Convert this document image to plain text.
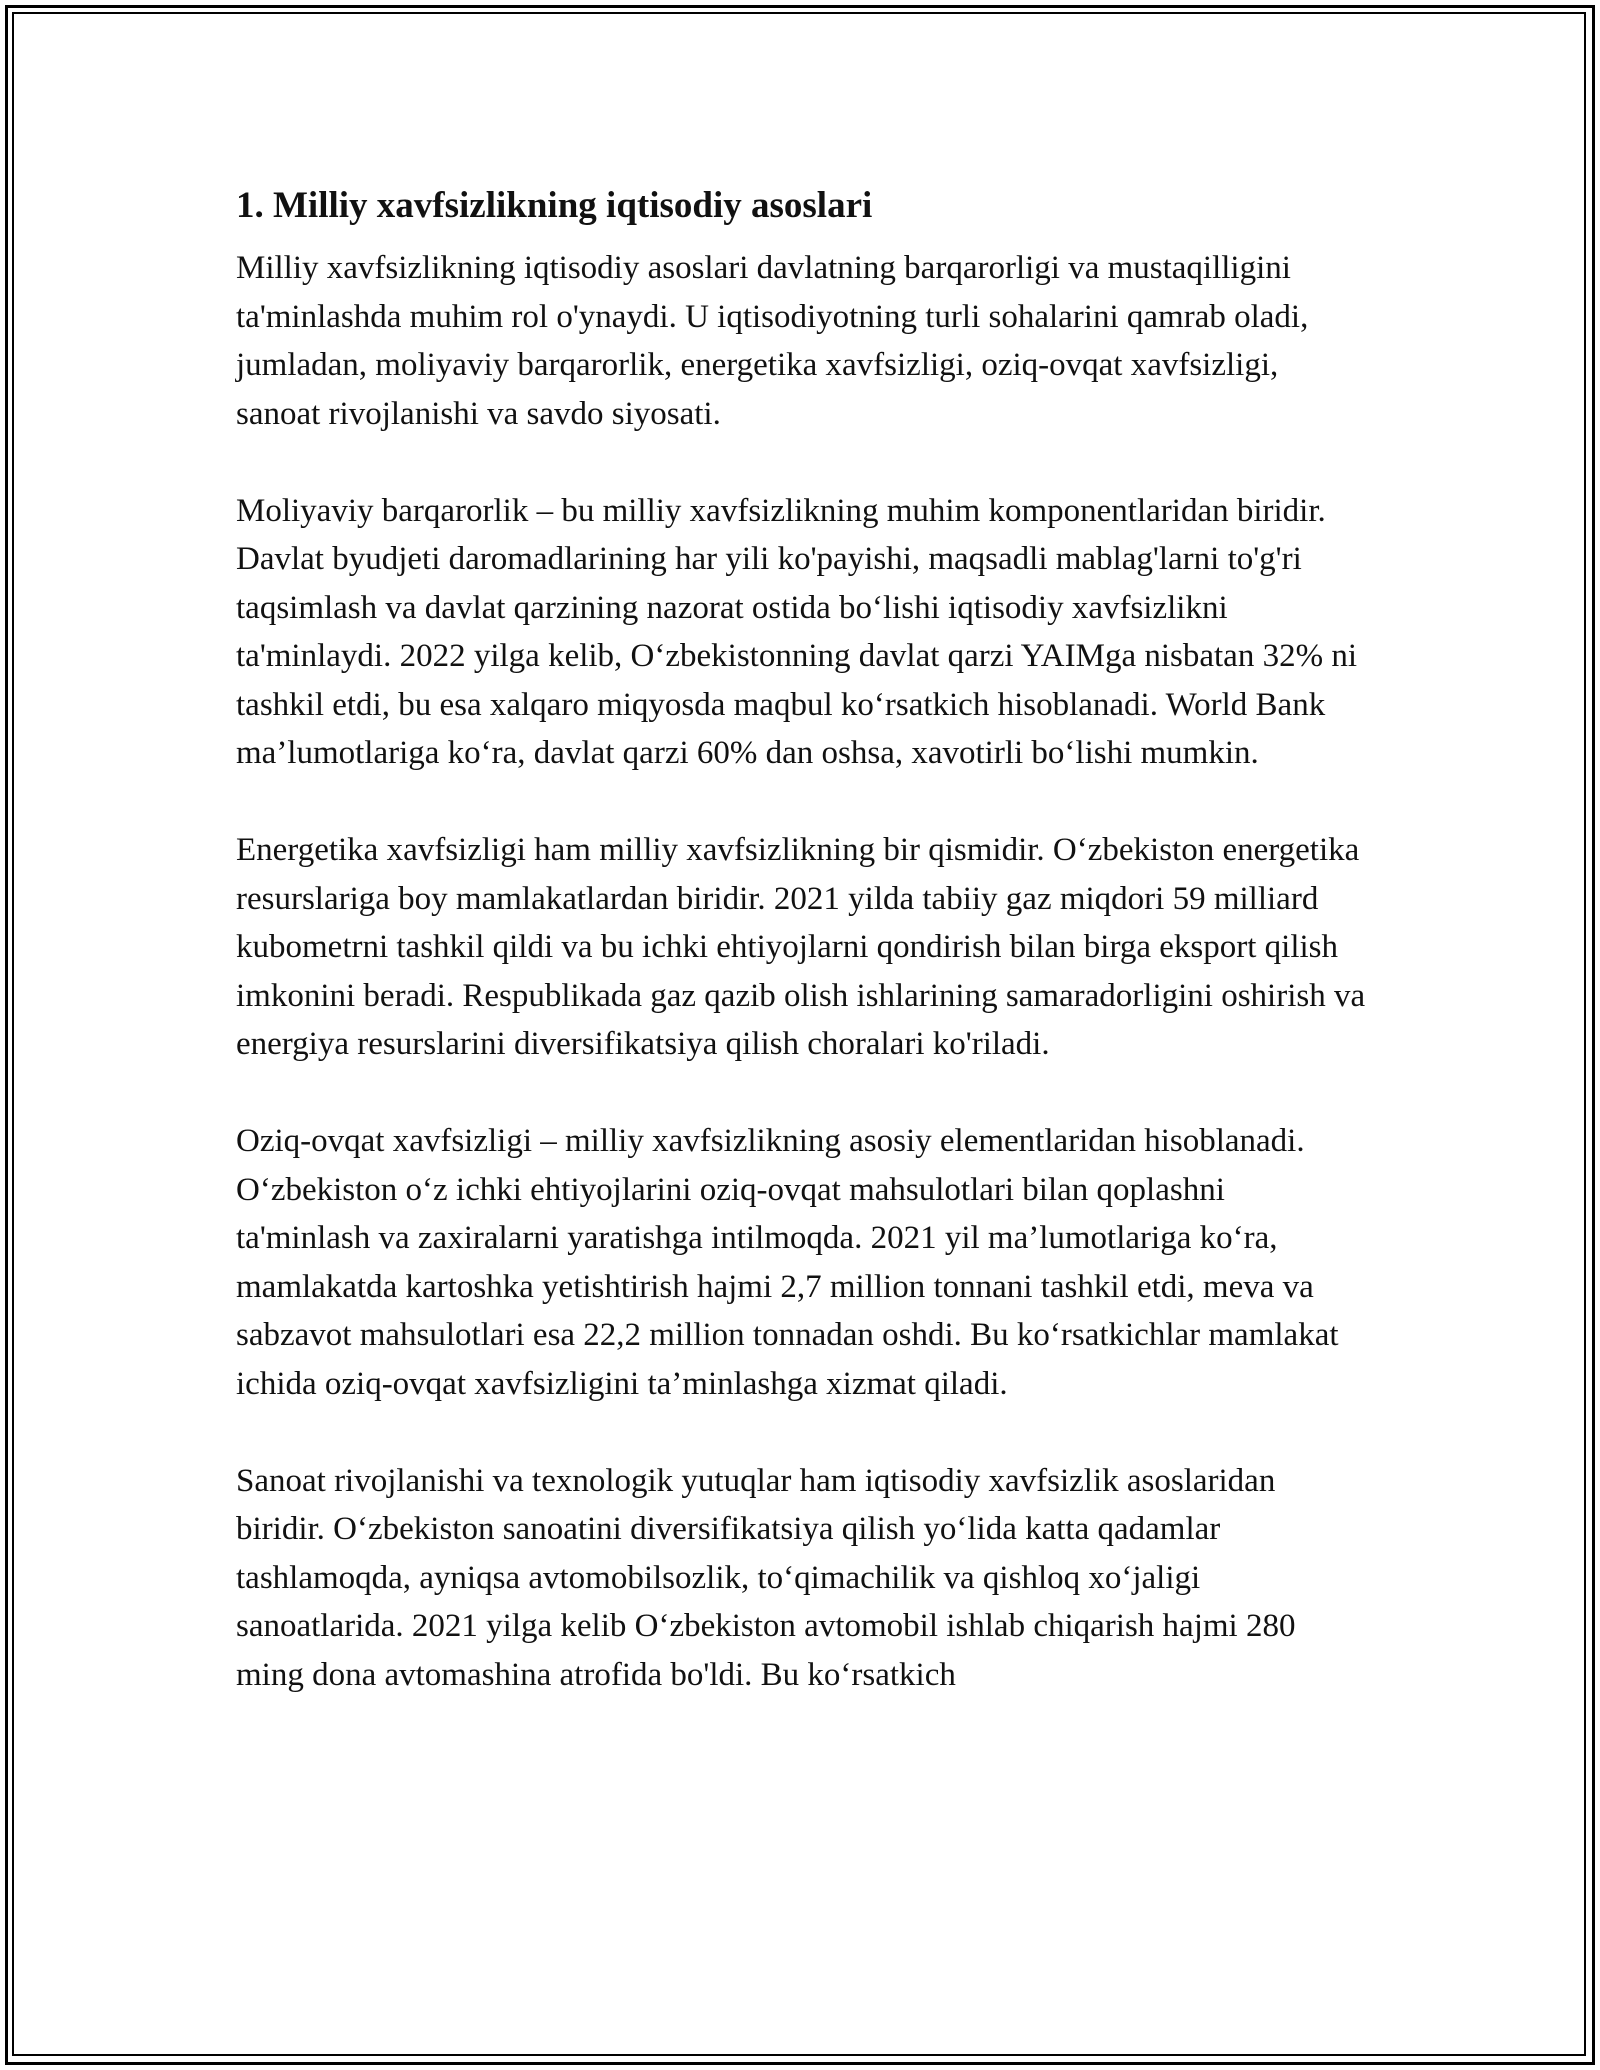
1. Milliy xavfsizlikning iqtisodiy asoslari

Milliy xavfsizlikning iqtisodiy asoslari davlatning barqarorligi va mustaqilligini ta'minlashda muhim rol o'ynaydi. U iqtisodiyotning turli sohalarini qamrab oladi, jumladan, moliyaviy barqarorlik, energetika xavfsizligi, oziq-ovqat xavfsizligi, sanoat rivojlanishi va savdo siyosati.

Moliyaviy barqarorlik – bu milliy xavfsizlikning muhim komponentlaridan biridir. Davlat byudjeti daromadlarining har yili ko'payishi, maqsadli mablag'larni to'g'ri taqsimlash va davlat qarzining nazorat ostida bo‘lishi iqtisodiy xavfsizlikni ta'minlaydi. 2022 yilga kelib, O‘zbekistonning davlat qarzi YAIMga nisbatan 32% ni tashkil etdi, bu esa xalqaro miqyosda maqbul ko‘rsatkich hisoblanadi. World Bank ma’lumotlariga ko‘ra, davlat qarzi 60% dan oshsa, xavotirli bo‘lishi mumkin.

Energetika xavfsizligi ham milliy xavfsizlikning bir qismidir. O‘zbekiston energetika resurslariga boy mamlakatlardan biridir. 2021 yilda tabiiy gaz miqdori 59 milliard kubometrni tashkil qildi va bu ichki ehtiyojlarni qondirish bilan birga eksport qilish imkonini beradi. Respublikada gaz qazib olish ishlarining samaradorligini oshirish va energiya resurslarini diversifikatsiya qilish choralari ko'riladi.

Oziq-ovqat xavfsizligi – milliy xavfsizlikning asosiy elementlaridan hisoblanadi. O‘zbekiston o‘z ichki ehtiyojlarini oziq-ovqat mahsulotlari bilan qoplashni ta'minlash va zaxiralarni yaratishga intilmoqda. 2021 yil ma’lumotlariga ko‘ra, mamlakatda kartoshka yetishtirish hajmi 2,7 million tonnani tashkil etdi, meva va sabzavot mahsulotlari esa 22,2 million tonnadan oshdi. Bu ko‘rsatkichlar mamlakat ichida oziq-ovqat xavfsizligini ta’minlashga xizmat qiladi.

Sanoat rivojlanishi va texnologik yutuqlar ham iqtisodiy xavfsizlik asoslaridan biridir. O‘zbekiston sanoatini diversifikatsiya qilish yo‘lida katta qadamlar tashlamoqda, ayniqsa avtomobilsozlik, to‘qimachilik va qishloq xo‘jaligi sanoatlarida. 2021 yilga kelib O‘zbekiston avtomobil ishlab chiqarish hajmi 280 ming dona avtomashina atrofida bo'ldi. Bu ko‘rsatkich
